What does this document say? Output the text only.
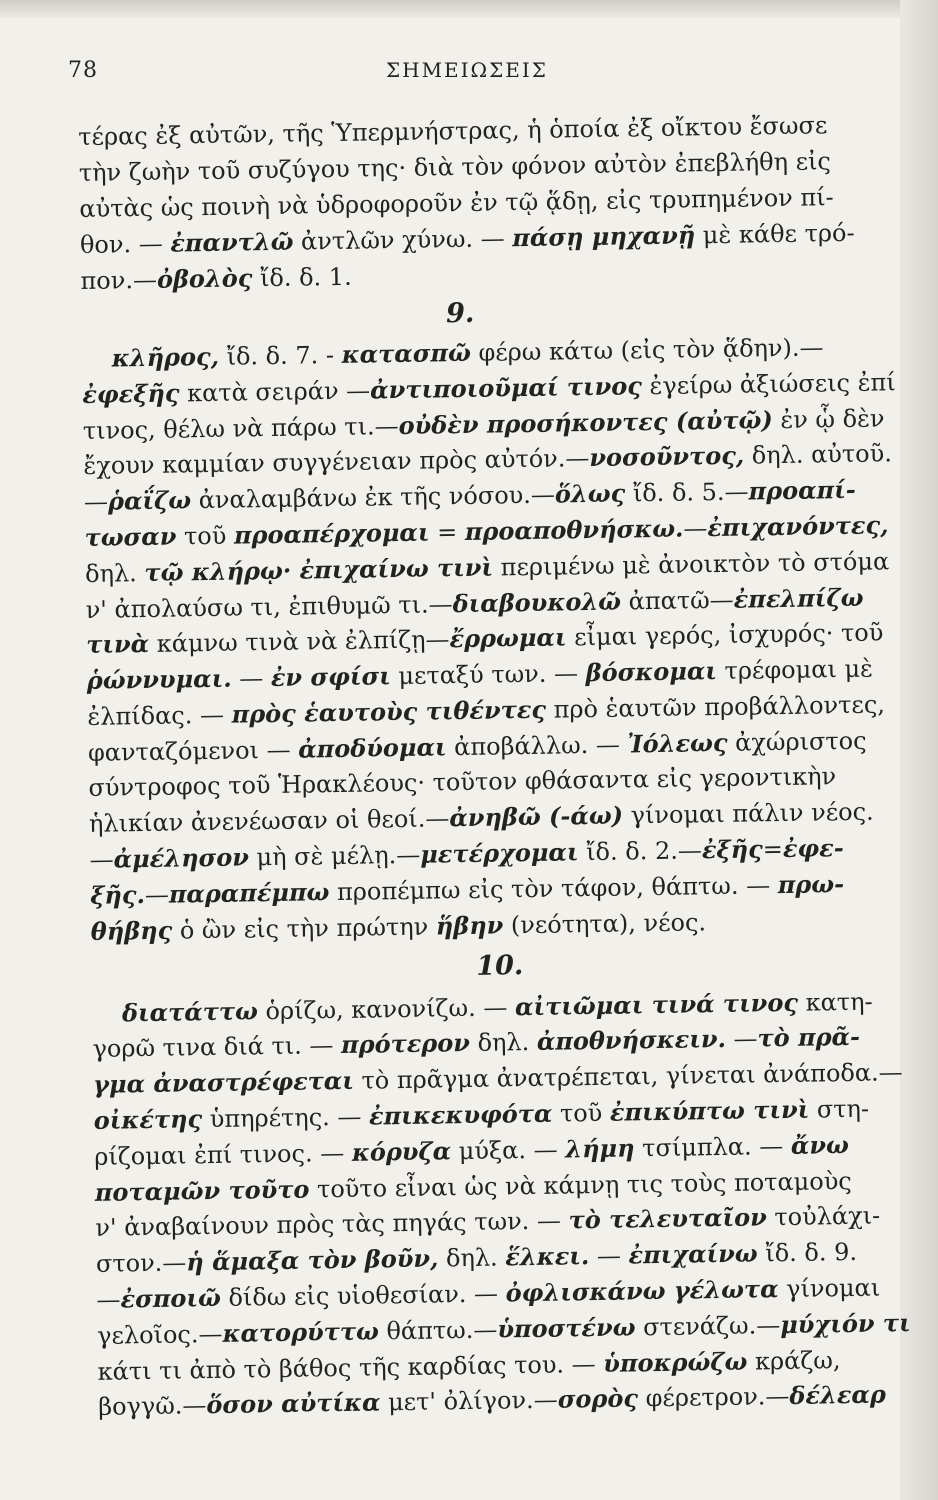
78	ΣΗΜΕΙΩΣΕΙΣ
τέρας ἐξ αὐτῶν, τῆς Ὑπερμνήστρας, ἡ ὁποία ἐξ οἴκτου ἔσωσε
τὴν ζωὴν τοῦ συζύγου της· διὰ τὸν φόνον αὐτὸν ἐπεβλήθη εἰς
αὐτὰς ὡς ποινὴ νὰ ὑδροφοροῦν ἐν τῷ ᾅδῃ, εἰς τρυπημένον πί-
θον. — ἐπαντλῶ ἀντλῶν χύνω. — πάσῃ μηχανῇ μὲ κάθε τρό-
πον.—ὀβολὸς ἴδ. δ. 1.
9.
κλῆρος, ἴδ. δ. 7. - κατασπῶ φέρω κάτω (εἰς τὸν ᾅδην).—
ἐφεξῆς κατὰ σειράν —ἀντιποιοῦμαί τινος ἐγείρω ἀξιώσεις ἐπί
τινος, θέλω νὰ πάρω τι.—οὐδὲν προσήκοντες (αὐτῷ) ἐν ᾧ δὲν
ἔχουν καμμίαν συγγένειαν πρὸς αὐτόν.—νοσοῦντος, δηλ. αὐτοῦ.
—ῥαΐζω ἀναλαμβάνω ἐκ τῆς νόσου.—ὅλως ἴδ. δ. 5.—προαπί-
τωσαν τοῦ προαπέρχομαι = προαποθνήσκω.—ἐπιχανόντες,
δηλ. τῷ κλήρῳ· ἐπιχαίνω τινὶ περιμένω μὲ ἀνοικτὸν τὸ στόμα
ν' ἀπολαύσω τι, ἐπιθυμῶ τι.—διαβουκολῶ ἀπατῶ—ἐπελπίζω
τινὰ κάμνω τινὰ νὰ ἐλπίζῃ—ἔρρωμαι εἶμαι γερός, ἰσχυρός· τοῦ
ῥώννυμαι. — ἐν σφίσι μεταξύ των. — βόσκομαι τρέφομαι μὲ
ἐλπίδας. — πρὸς ἑαυτοὺς τιθέντες πρὸ ἑαυτῶν προβάλλοντες,
φανταζόμενοι — ἀποδύομαι ἀποβάλλω. — Ἰόλεως ἀχώριστος
σύντροφος τοῦ Ἡρακλέους· τοῦτον φθάσαντα εἰς γεροντικὴν
ἡλικίαν ἀνενέωσαν οἱ θεοί.—ἀνηβῶ (-άω) γίνομαι πάλιν νέος.
—ἀμέλησον μὴ σὲ μέλῃ.—μετέρχομαι ἴδ. δ. 2.—ἐξῆς=ἐφε-
ξῆς.—παραπέμπω προπέμπω εἰς τὸν τάφον, θάπτω. — πρω-
θήβης ὁ ὢν εἰς τὴν πρώτην ἥβην (νεότητα), νέος.
10.
διατάττω ὁρίζω, κανονίζω. — αἰτιῶμαι τινά τινος κατη-
γορῶ τινα διά τι. — πρότερον δηλ. ἀποθνήσκειν. —τὸ πρᾶ-
γμα ἀναστρέφεται τὸ πρᾶγμα ἀνατρέπεται, γίνεται ἀνάποδα.—
οἰκέτης ὑπηρέτης. — ἐπικεκυφότα τοῦ ἐπικύπτω τινὶ στη-
ρίζομαι ἐπί τινος. — κόρυζα μύξα. — λήμη τσίμπλα. — ἄνω
ποταμῶν τοῦτο τοῦτο εἶναι ὡς νὰ κάμνῃ τις τοὺς ποταμοὺς
ν' ἀναβαίνουν πρὸς τὰς πηγάς των. — τὸ τελευταῖον τοὐλάχι-
στον.—ἡ ἅμαξα τὸν βοῦν, δηλ. ἕλκει. — ἐπιχαίνω ἴδ. δ. 9.
—ἐσποιῶ δίδω εἰς υἱοθεσίαν. — ὀφλισκάνω γέλωτα γίνομαι
γελοῖος.—κατορύττω θάπτω.—ὑποστένω στενάζω.—μύχιόν τι
κάτι τι ἀπὸ τὸ βάθος τῆς καρδίας του. — ὑποκρώζω κράζω,
βογγῶ.—ὅσον αὐτίκα μετ' ὀλίγον.—σορὸς φέρετρον.—δέλεαρ
